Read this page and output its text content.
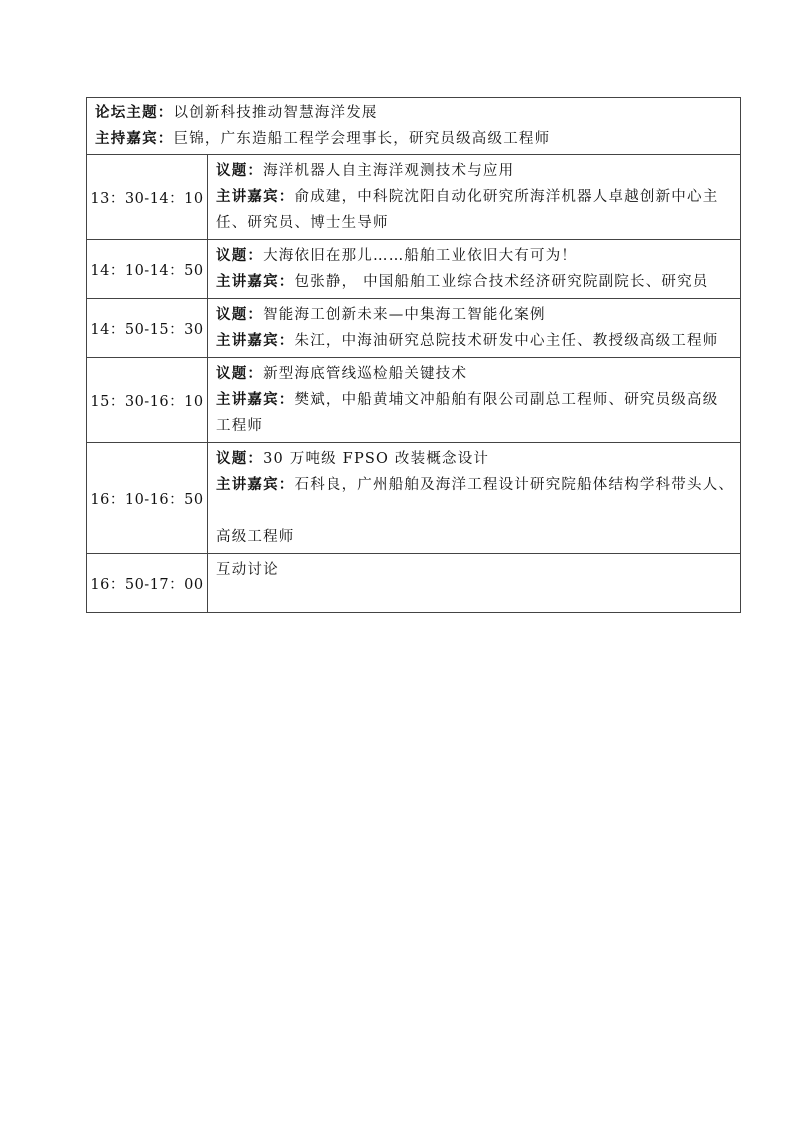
论坛主题：以创新科技推动智慧海洋发展
主持嘉宾：巨锦，广东造船工程学会理事长，研究员级高级工程师	

13：30-14：10	议题：海洋机器人自主海洋观测技术与应用
主讲嘉宾：俞成建，中科院沈阳自动化研究所海洋机器人卓越创新中心主
任、研究员、博士生导师

14：10-14：50	议题：大海依旧在那儿……船舶工业依旧大有可为！
主讲嘉宾：包张静， 中国船舶工业综合技术经济研究院副院长、研究员

14：50-15：30	议题：智能海工创新未来—中集海工智能化案例
主讲嘉宾：朱江，中海油研究总院技术研发中心主任、教授级高级工程师

15：30-16：10	议题：新型海底管线巡检船关键技术
主讲嘉宾：樊斌，中船黄埔文冲船舶有限公司副总工程师、研究员级高级
工程师

16：10-16：50	议题：30 万吨级 FPSO 改装概念设计
主讲嘉宾：石科良，广州船舶及海洋工程设计研究院船体结构学科带头人、
高级工程师

16：50-17：00	互动讨论
